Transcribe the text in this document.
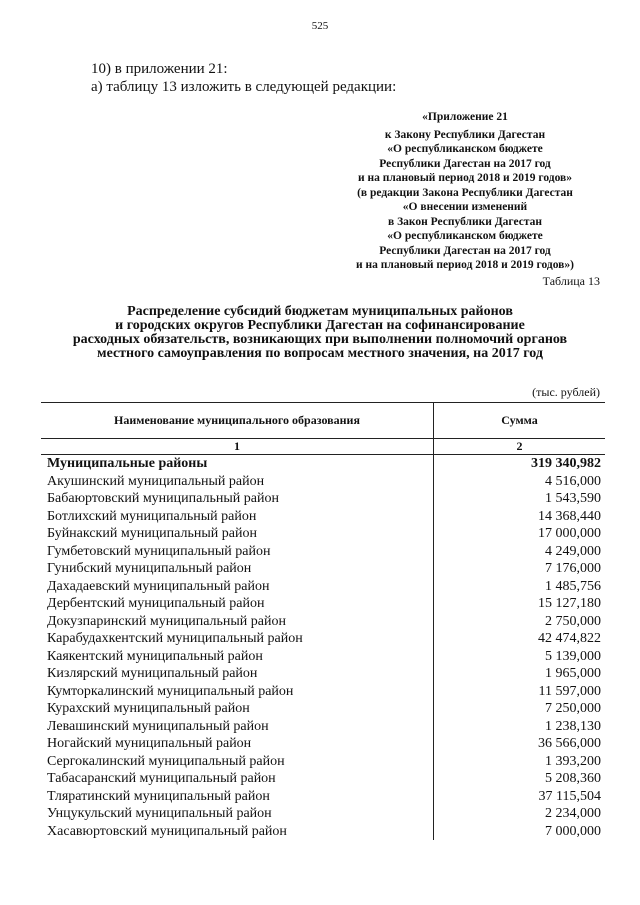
525
10) в приложении 21:
а) таблицу 13 изложить в следующей редакции:
«Приложение 21
к Закону Республики Дагестан
«О республиканском бюджете
Республики Дагестан на 2017 год
и на плановый период 2018 и 2019 годов»
(в редакции Закона Республики Дагестан
«О внесении изменений
в Закон Республики Дагестан
«О республиканском бюджете
Республики Дагестан на 2017 год
и на плановый период 2018 и 2019 годов»)
Таблица 13
Распределение субсидий бюджетам муниципальных районов
и городских округов Республики Дагестан на софинансирование
расходных обязательств, возникающих при выполнении полномочий органов
местного самоуправления по вопросам местного значения, на 2017 год
(тыс. рублей)
Наименование муниципального образования	Сумма
1	2
Муниципальные районы	319 340,982
Акушинский муниципальный район	4 516,000
Бабаюртовский муниципальный район	1 543,590
Ботлихский муниципальный район	14 368,440
Буйнакский муниципальный район	17 000,000
Гумбетовский муниципальный район	4 249,000
Гунибский муниципальный район	7 176,000
Дахадаевский муниципальный район	1 485,756
Дербентский муниципальный район	15 127,180
Докузпаринский муниципальный район	2 750,000
Карабудахкентский муниципальный район	42 474,822
Каякентский муниципальный район	5 139,000
Кизлярский муниципальный район	1 965,000
Кумторкалинский муниципальный район	11 597,000
Курахский муниципальный район	7 250,000
Левашинский муниципальный район	1 238,130
Ногайский муниципальный район	36 566,000
Сергокалинский муниципальный район	1 393,200
Табасаранский муниципальный район	5 208,360
Тляратинский муниципальный район	37 115,504
Унцукульский муниципальный район	2 234,000
Хасавюртовский муниципальный район	7 000,000
